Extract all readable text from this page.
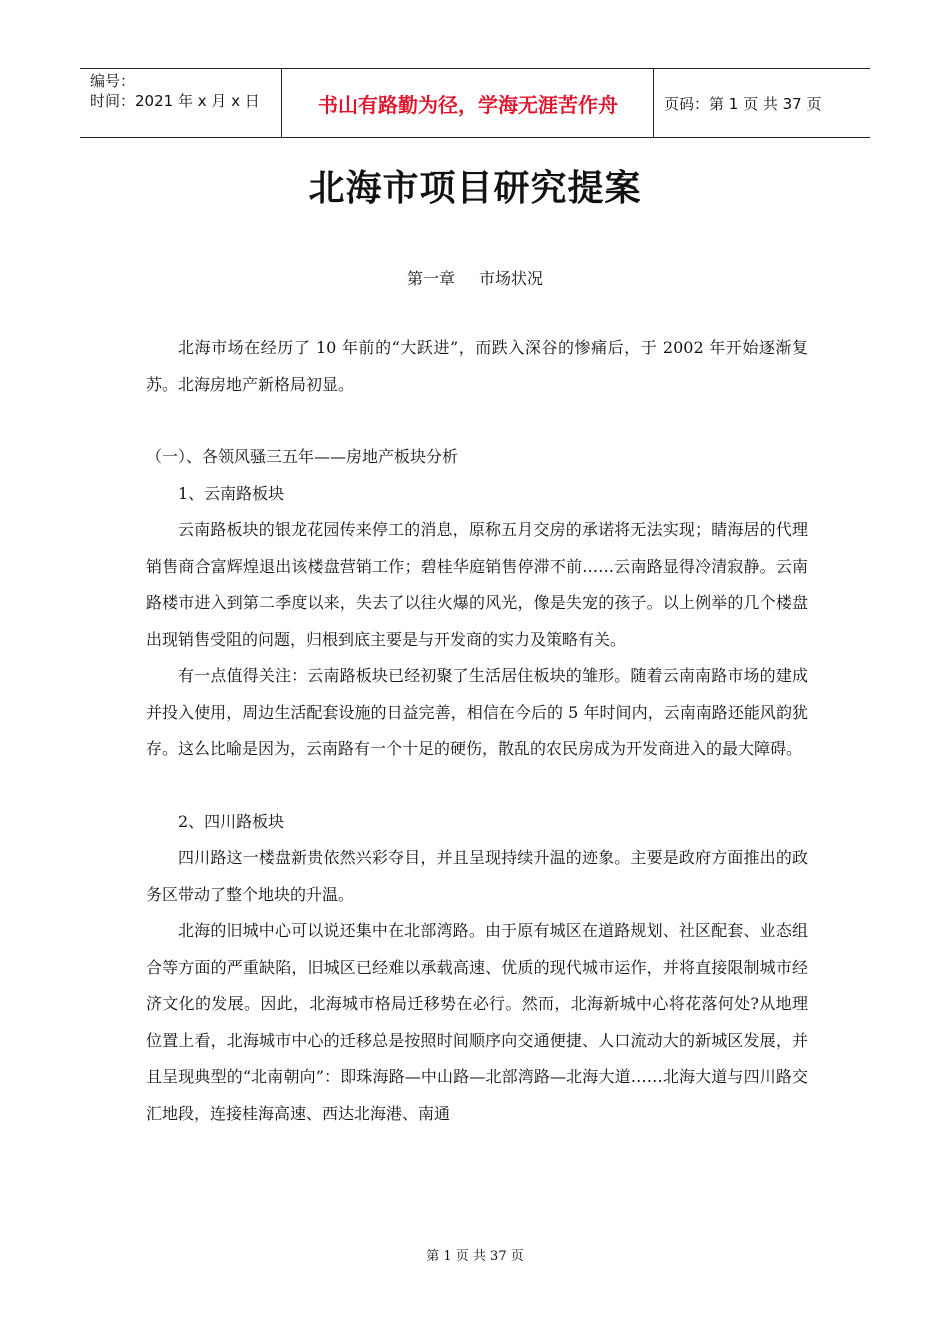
编号：
时间：2021 年 x 月 x 日	书山有路勤为径，学海无涯苦作舟	页码：第 1 页 共 37 页
北海市项目研究提案
第一章 市场状况

北海市场在经历了 10 年前的“大跃进”，而跌入深谷的惨痛后，于 2002 年开始逐渐复苏。北海房地产新格局初显。

（一）、各领风骚三五年——房地产板块分析

1、云南路板块

云南路板块的银龙花园传来停工的消息，原称五月交房的承诺将无法实现；睛海居的代理销售商合富辉煌退出该楼盘营销工作；碧桂华庭销售停滞不前……云南路显得冷清寂静。云南路楼市进入到第二季度以来，失去了以往火爆的风光，像是失宠的孩子。以上例举的几个楼盘出现销售受阻的问题，归根到底主要是与开发商的实力及策略有关。

有一点值得关注：云南路板块已经初聚了生活居住板块的雏形。随着云南南路市场的建成并投入使用，周边生活配套设施的日益完善，相信在今后的 5 年时间内，云南南路还能风韵犹存。这么比喻是因为，云南路有一个十足的硬伤，散乱的农民房成为开发商进入的最大障碍。

2、四川路板块

四川路这一楼盘新贵依然兴彩夺目，并且呈现持续升温的迹象。主要是政府方面推出的政务区带动了整个地块的升温。

北海的旧城中心可以说还集中在北部湾路。由于原有城区在道路规划、社区配套、业态组合等方面的严重缺陷，旧城区已经难以承载高速、优质的现代城市运作，并将直接限制城市经济文化的发展。因此，北海城市格局迁移势在必行。然而，北海新城中心将花落何处?从地理位置上看，北海城市中心的迁移总是按照时间顺序向交通便捷、人口流动大的新城区发展，并且呈现典型的“北南朝向”：即珠海路—中山路—北部湾路—北海大道……北海大道与四川路交汇地段，连接桂海高速、西达北海港、南通

第 1 页 共 37 页
